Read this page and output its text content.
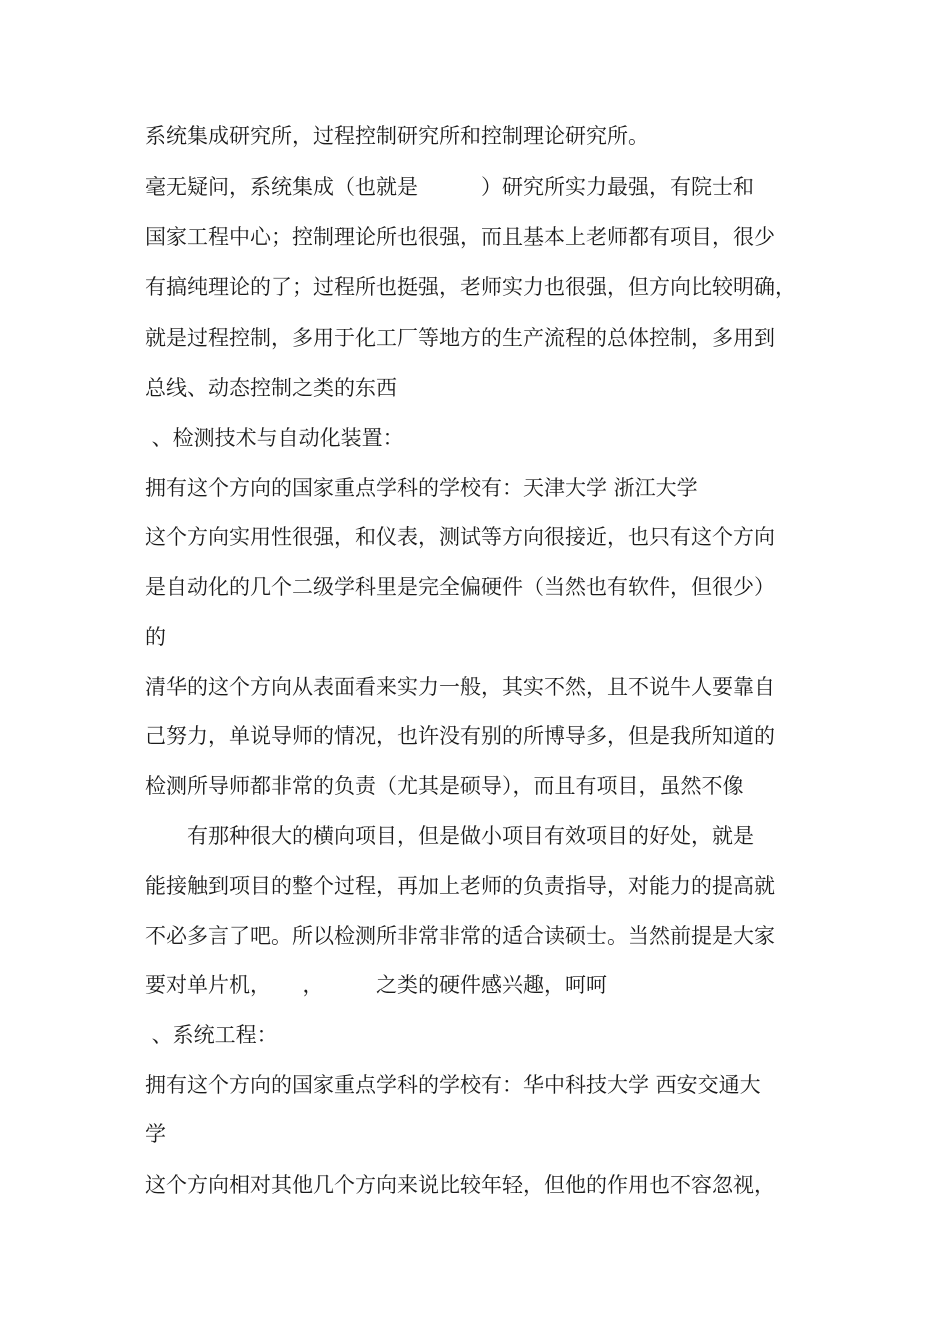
系统集成研究所，过程控制研究所和控制理论研究所。
毫无疑问，系统集成（也就是　　　）研究所实力最强，有院士和
国家工程中心；控制理论所也很强，而且基本上老师都有项目，很少
有搞纯理论的了；过程所也挺强，老师实力也很强，但方向比较明确，
就是过程控制，多用于化工厂等地方的生产流程的总体控制，多用到
总线、动态控制之类的东西
、检测技术与自动化装置：
拥有这个方向的国家重点学科的学校有：天津大学 浙江大学
这个方向实用性很强，和仪表，测试等方向很接近，也只有这个方向
是自动化的几个二级学科里是完全偏硬件（当然也有软件，但很少）
的
清华的这个方向从表面看来实力一般，其实不然，且不说牛人要靠自
己努力，单说导师的情况，也许没有别的所博导多，但是我所知道的
检测所导师都非常的负责（尤其是硕导），而且有项目，虽然不像
　　有那种很大的横向项目，但是做小项目有效项目的好处，就是
能接触到项目的整个过程，再加上老师的负责指导，对能力的提高就
不必多言了吧。所以检测所非常非常的适合读硕士。当然前提是大家
要对单片机，　　，　　　之类的硬件感兴趣，呵呵
、系统工程：
拥有这个方向的国家重点学科的学校有：华中科技大学 西安交通大
学
这个方向相对其他几个方向来说比较年轻，但他的作用也不容忽视，
